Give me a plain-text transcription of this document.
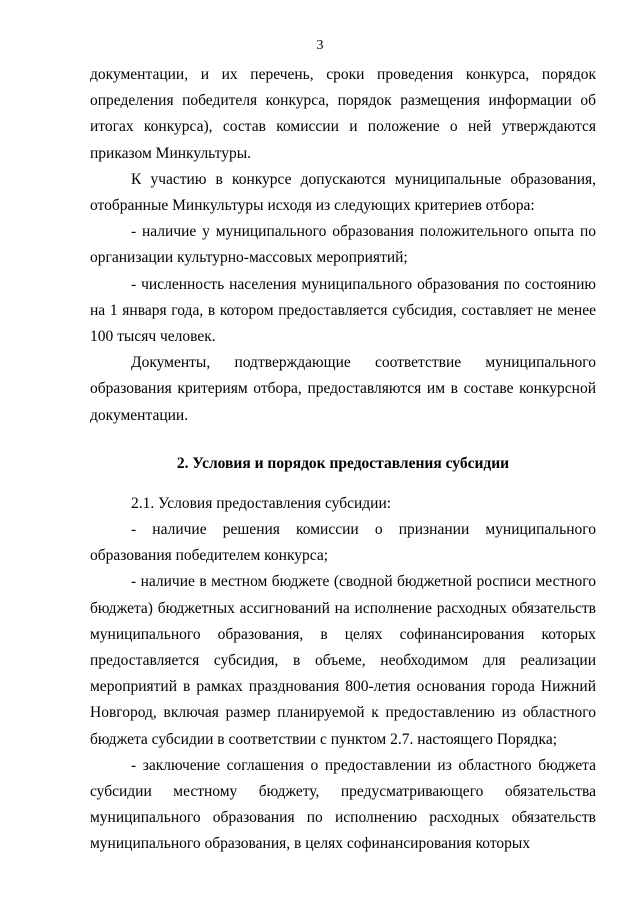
3

документации, и их перечень, сроки проведения конкурса, порядок определения победителя конкурса, порядок размещения информации об итогах конкурса), состав комиссии и положение о ней утверждаются приказом Минкультуры.

К участию в конкурсе допускаются муниципальные образования, отобранные Минкультуры исходя из следующих критериев отбора:

- наличие у муниципального образования положительного опыта по организации культурно-массовых мероприятий;

- численность населения муниципального образования по состоянию на 1 января года, в котором предоставляется субсидия, составляет не менее 100 тысяч человек.

Документы, подтверждающие соответствие муниципального образования критериям отбора, предоставляются им в составе конкурсной документации.

2. Условия и порядок предоставления субсидии

2.1. Условия предоставления субсидии:

- наличие решения комиссии о признании муниципального образования победителем конкурса;

- наличие в местном бюджете (сводной бюджетной росписи местного бюджета) бюджетных ассигнований на исполнение расходных обязательств муниципального образования, в целях софинансирования которых предоставляется субсидия, в объеме, необходимом для реализации мероприятий в рамках празднования 800-летия основания города Нижний Новгород, включая размер планируемой к предоставлению из областного бюджета субсидии в соответствии с пунктом 2.7. настоящего Порядка;

- заключение соглашения о предоставлении из областного бюджета субсидии местному бюджету, предусматривающего обязательства муниципального образования по исполнению расходных обязательств муниципального образования, в целях софинансирования которых
